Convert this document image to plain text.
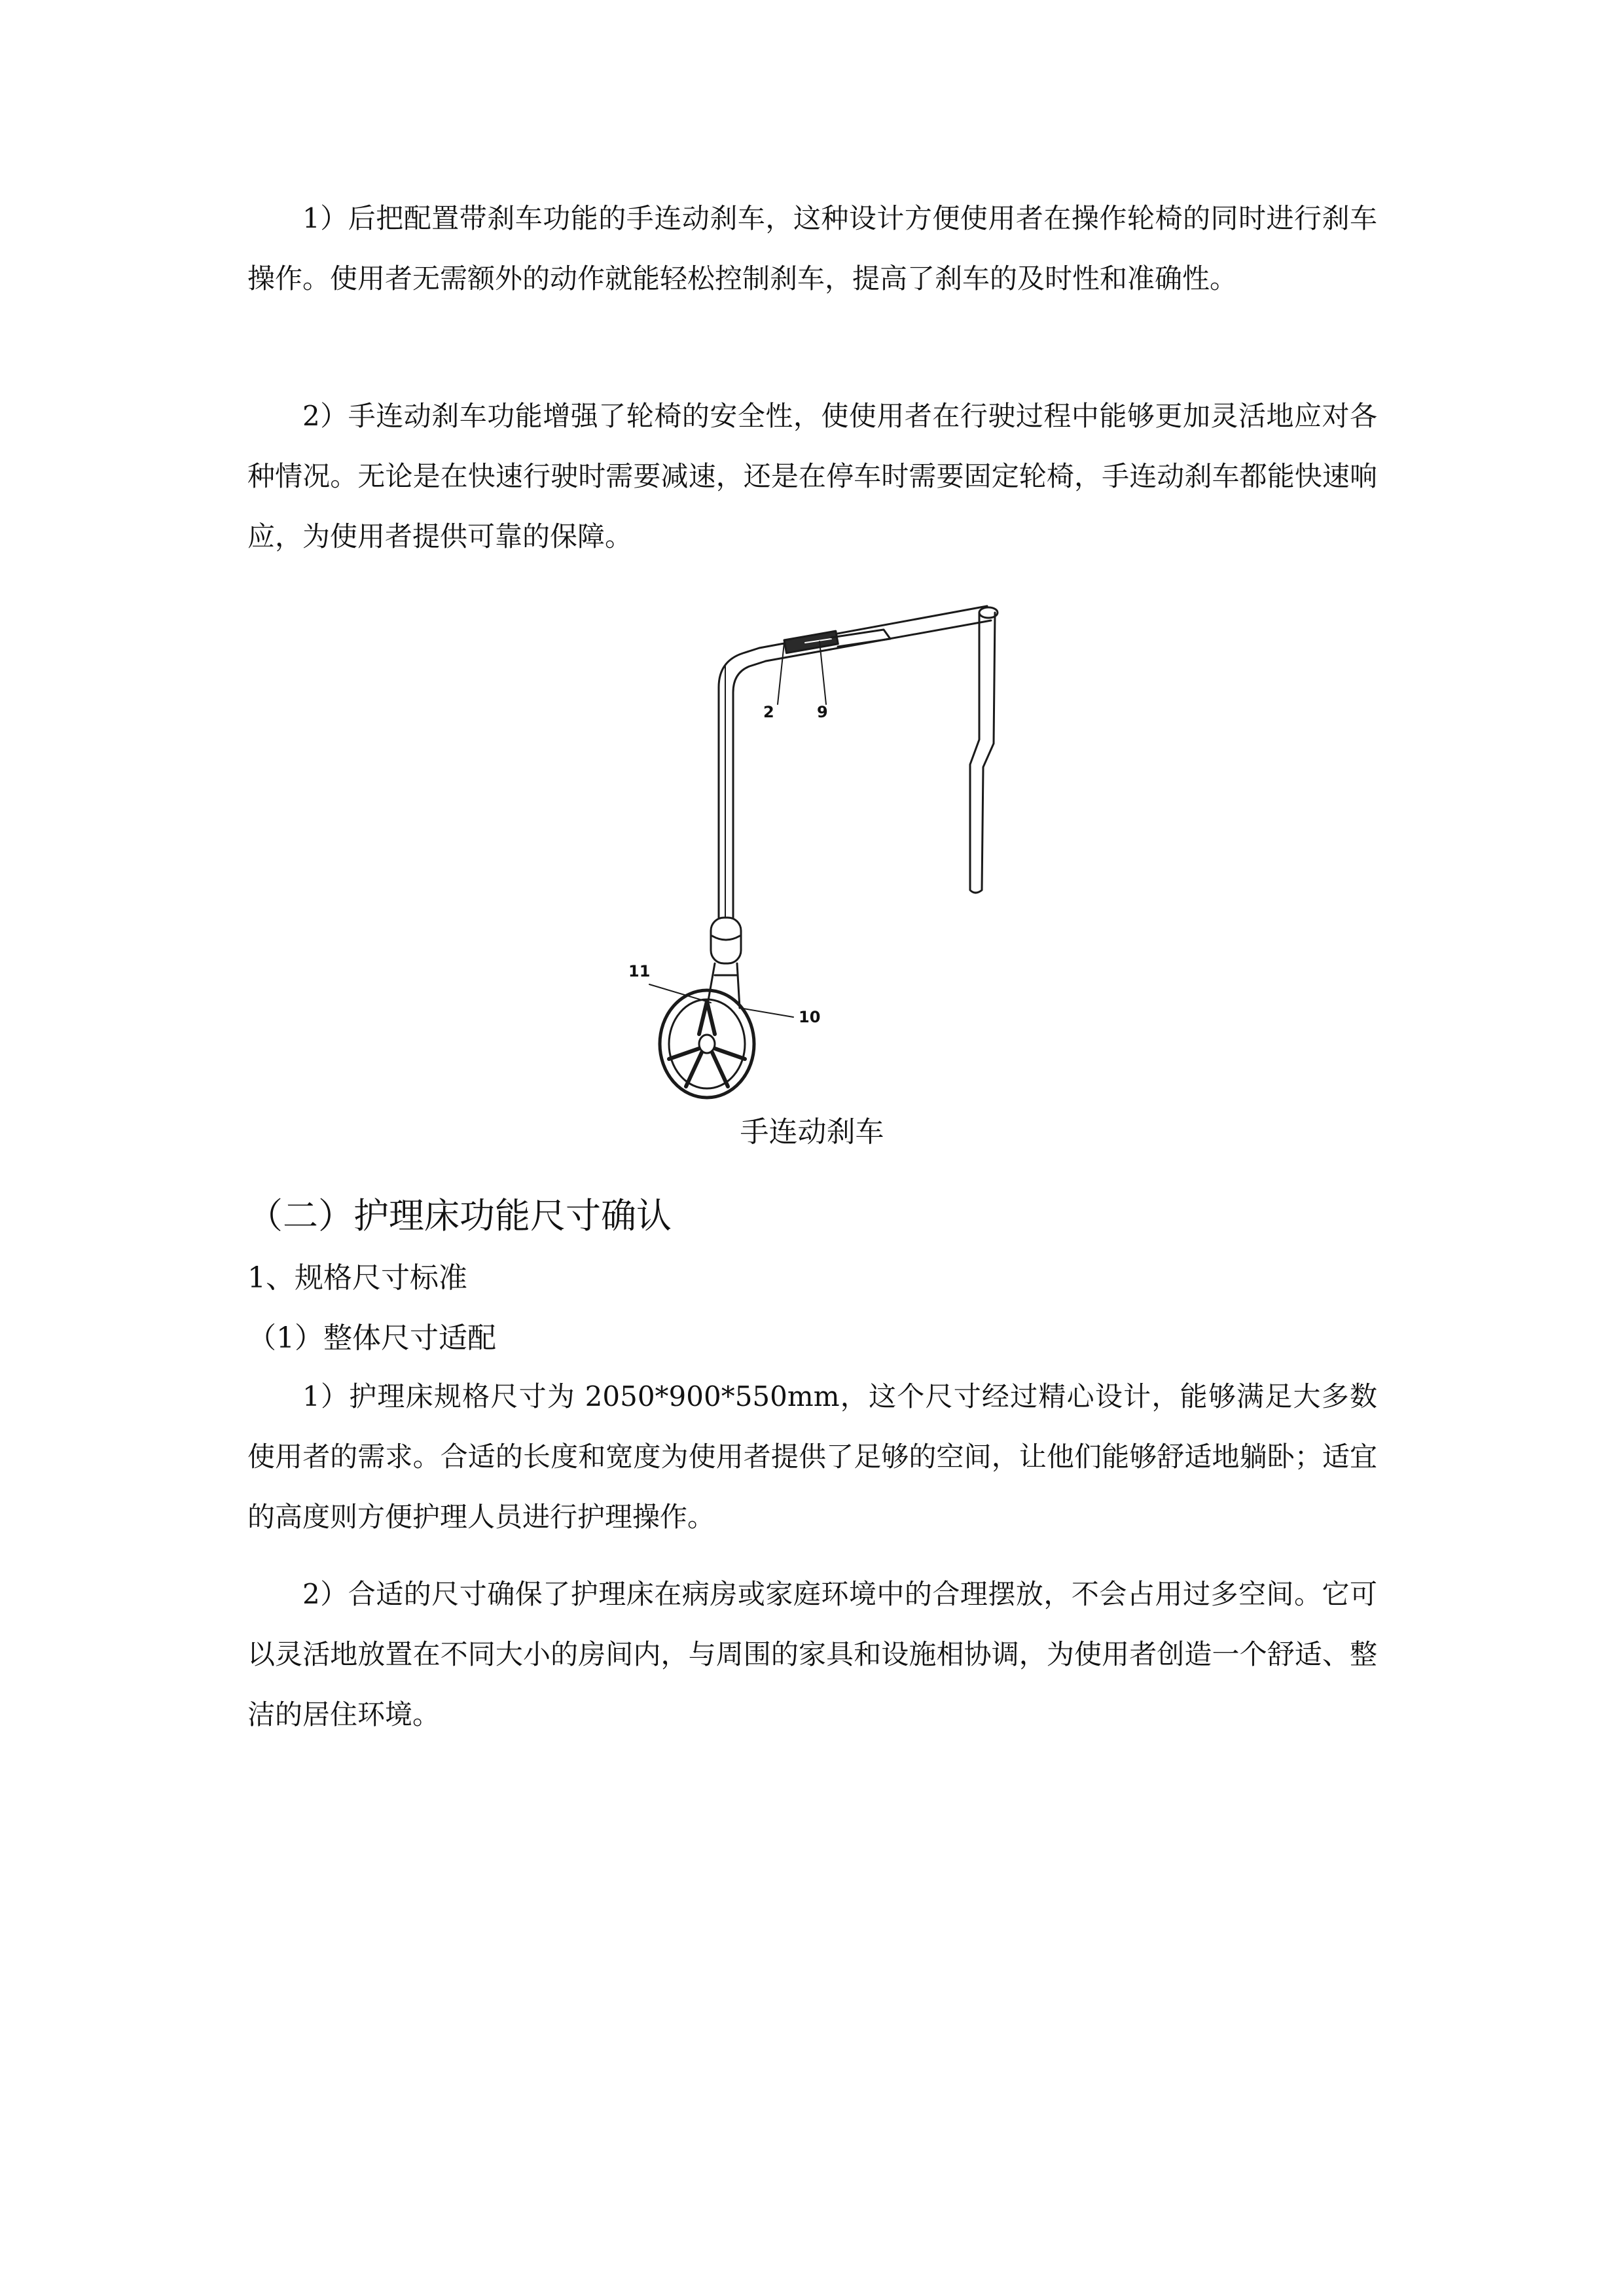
1）后把配置带刹车功能的手连动刹车，这种设计方便使用者在操作轮椅的同时进行刹车操作。使用者无需额外的动作就能轻松控制刹车，提高了刹车的及时性和准确性。

2）手连动刹车功能增强了轮椅的安全性，使使用者在行驶过程中能够更加灵活地应对各种情况。无论是在快速行驶时需要减速，还是在停车时需要固定轮椅，手连动刹车都能快速响应，为使用者提供可靠的保障。

2	9
11
10

手连动刹车

（二）护理床功能尺寸确认

1、规格尺寸标准

（1）整体尺寸适配

1）护理床规格尺寸为 2050*900*550mm，这个尺寸经过精心设计，能够满足大多数使用者的需求。合适的长度和宽度为使用者提供了足够的空间，让他们能够舒适地躺卧；适宜的高度则方便护理人员进行护理操作。

2）合适的尺寸确保了护理床在病房或家庭环境中的合理摆放，不会占用过多空间。它可以灵活地放置在不同大小的房间内，与周围的家具和设施相协调，为使用者创造一个舒适、整洁的居住环境。
